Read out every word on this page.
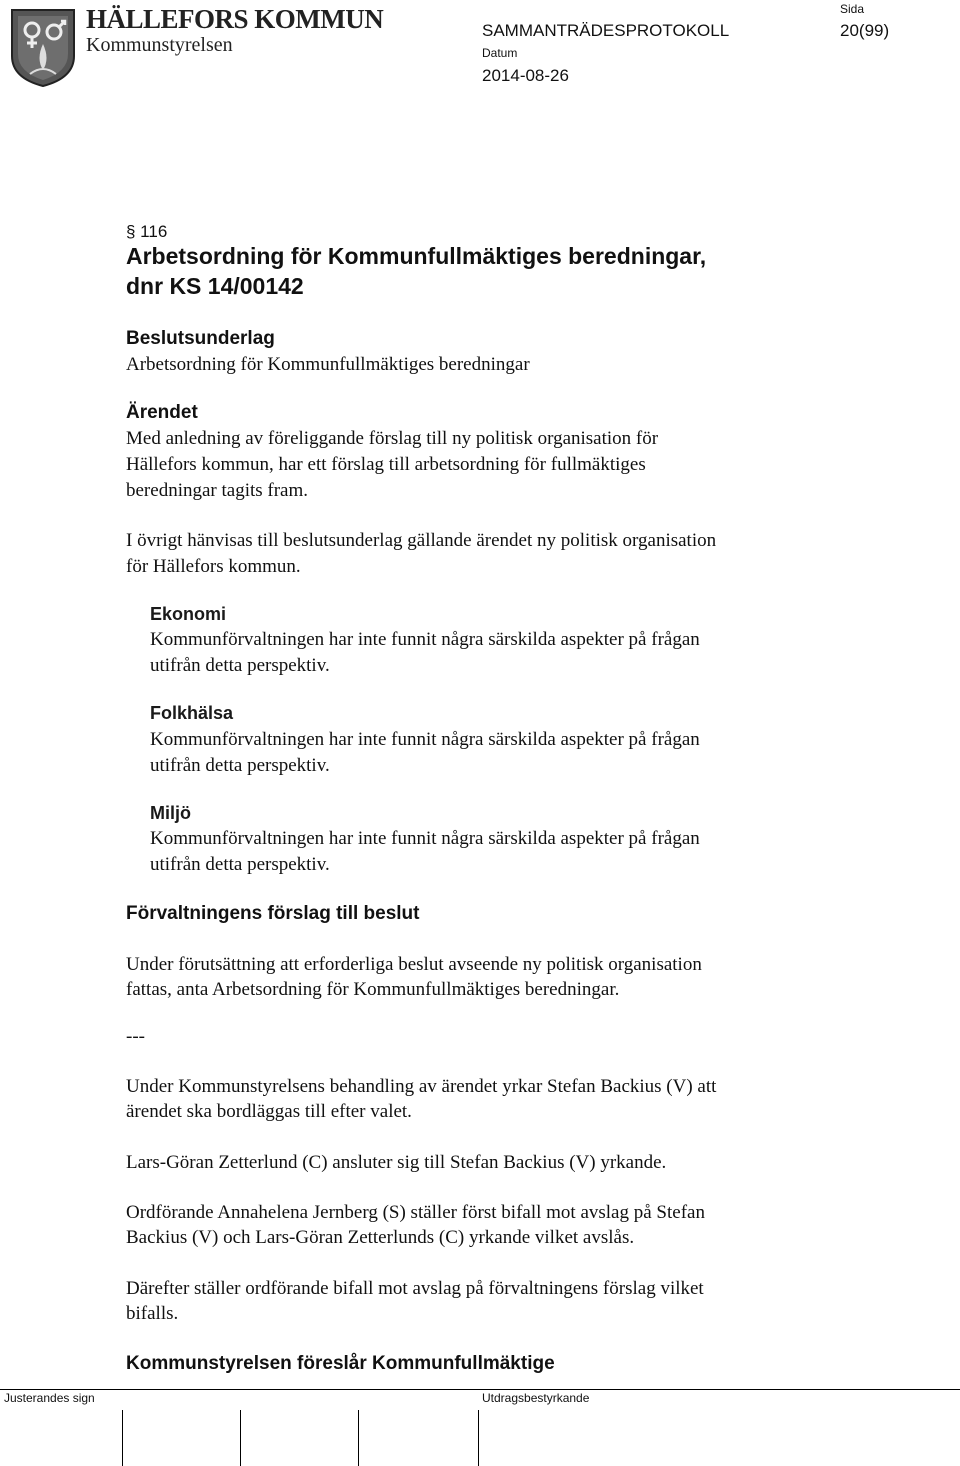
HÄLLEFORS KOMMUN
Kommunstyrelsen
SAMMANTRÄDESPROTOKOLL
Datum
2014-08-26
Sida
20(99)
§ 116
Arbetsordning för Kommunfullmäktiges beredningar,
dnr KS 14/00142
Beslutsunderlag
Arbetsordning för Kommunfullmäktiges beredningar
Ärendet
Med anledning av föreliggande förslag till ny politisk organisation för
Hällefors kommun, har ett förslag till arbetsordning för fullmäktiges
beredningar tagits fram.
I övrigt hänvisas till beslutsunderlag gällande ärendet ny politisk organisation
för Hällefors kommun.
Ekonomi
Kommunförvaltningen har inte funnit några särskilda aspekter på frågan
utifrån detta perspektiv.
Folkhälsa
Kommunförvaltningen har inte funnit några särskilda aspekter på frågan
utifrån detta perspektiv.
Miljö
Kommunförvaltningen har inte funnit några särskilda aspekter på frågan
utifrån detta perspektiv.
Förvaltningens förslag till beslut
Under förutsättning att erforderliga beslut avseende ny politisk organisation
fattas, anta Arbetsordning för Kommunfullmäktiges beredningar.
---
Under Kommunstyrelsens behandling av ärendet yrkar Stefan Backius (V) att
ärendet ska bordläggas till efter valet.
Lars-Göran Zetterlund (C) ansluter sig till Stefan Backius (V) yrkande.
Ordförande Annahelena Jernberg (S) ställer först bifall mot avslag på Stefan
Backius (V) och Lars-Göran Zetterlunds (C) yrkande vilket avslås.
Därefter ställer ordförande bifall mot avslag på förvaltningens förslag vilket
bifalls.
Kommunstyrelsen föreslår Kommunfullmäktige
Justerandes sign	Utdragsbestyrkande
